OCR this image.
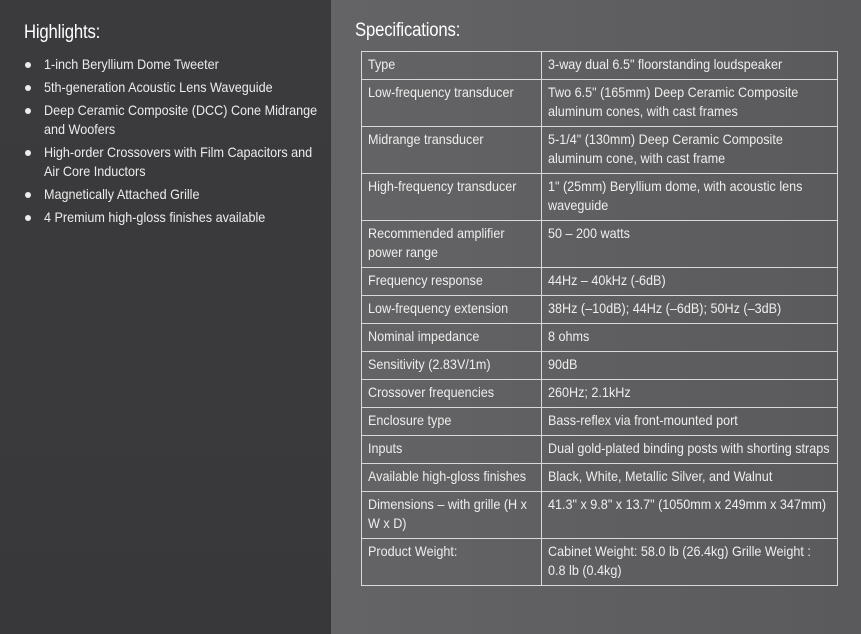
Highlights:
1-inch Beryllium Dome Tweeter
5th-generation Acoustic Lens Waveguide
Deep Ceramic Composite (DCC) Cone Midrange and Woofers
High-order Crossovers with Film Capacitors and Air Core Inductors
Magnetically Attached Grille
4 Premium high-gloss finishes available
Specifications:
Type	3-way dual 6.5" floorstanding loudspeaker
Low-frequency transducer	Two 6.5" (165mm) Deep Ceramic Composite aluminum cones, with cast frames
Midrange transducer	5-1/4" (130mm) Deep Ceramic Composite aluminum cone, with cast frame
High-frequency transducer	1" (25mm) Beryllium dome, with acoustic lens waveguide
Recommended amplifier power range	50 – 200 watts
Frequency response	44Hz – 40kHz (-6dB)
Low-frequency extension	38Hz (–10dB); 44Hz (–6dB); 50Hz (–3dB)
Nominal impedance	8 ohms
Sensitivity (2.83V/1m)	90dB
Crossover frequencies	260Hz; 2.1kHz
Enclosure type	Bass-reflex via front-mounted port
Inputs	Dual gold-plated binding posts with shorting straps
Available high-gloss finishes	Black, White, Metallic Silver, and Walnut
Dimensions – with grille (H x W x D)	41.3" x 9.8" x 13.7" (1050mm x 249mm x 347mm)
Product Weight:	Cabinet Weight: 58.0 lb (26.4kg) Grille Weight : 0.8 lb (0.4kg)
